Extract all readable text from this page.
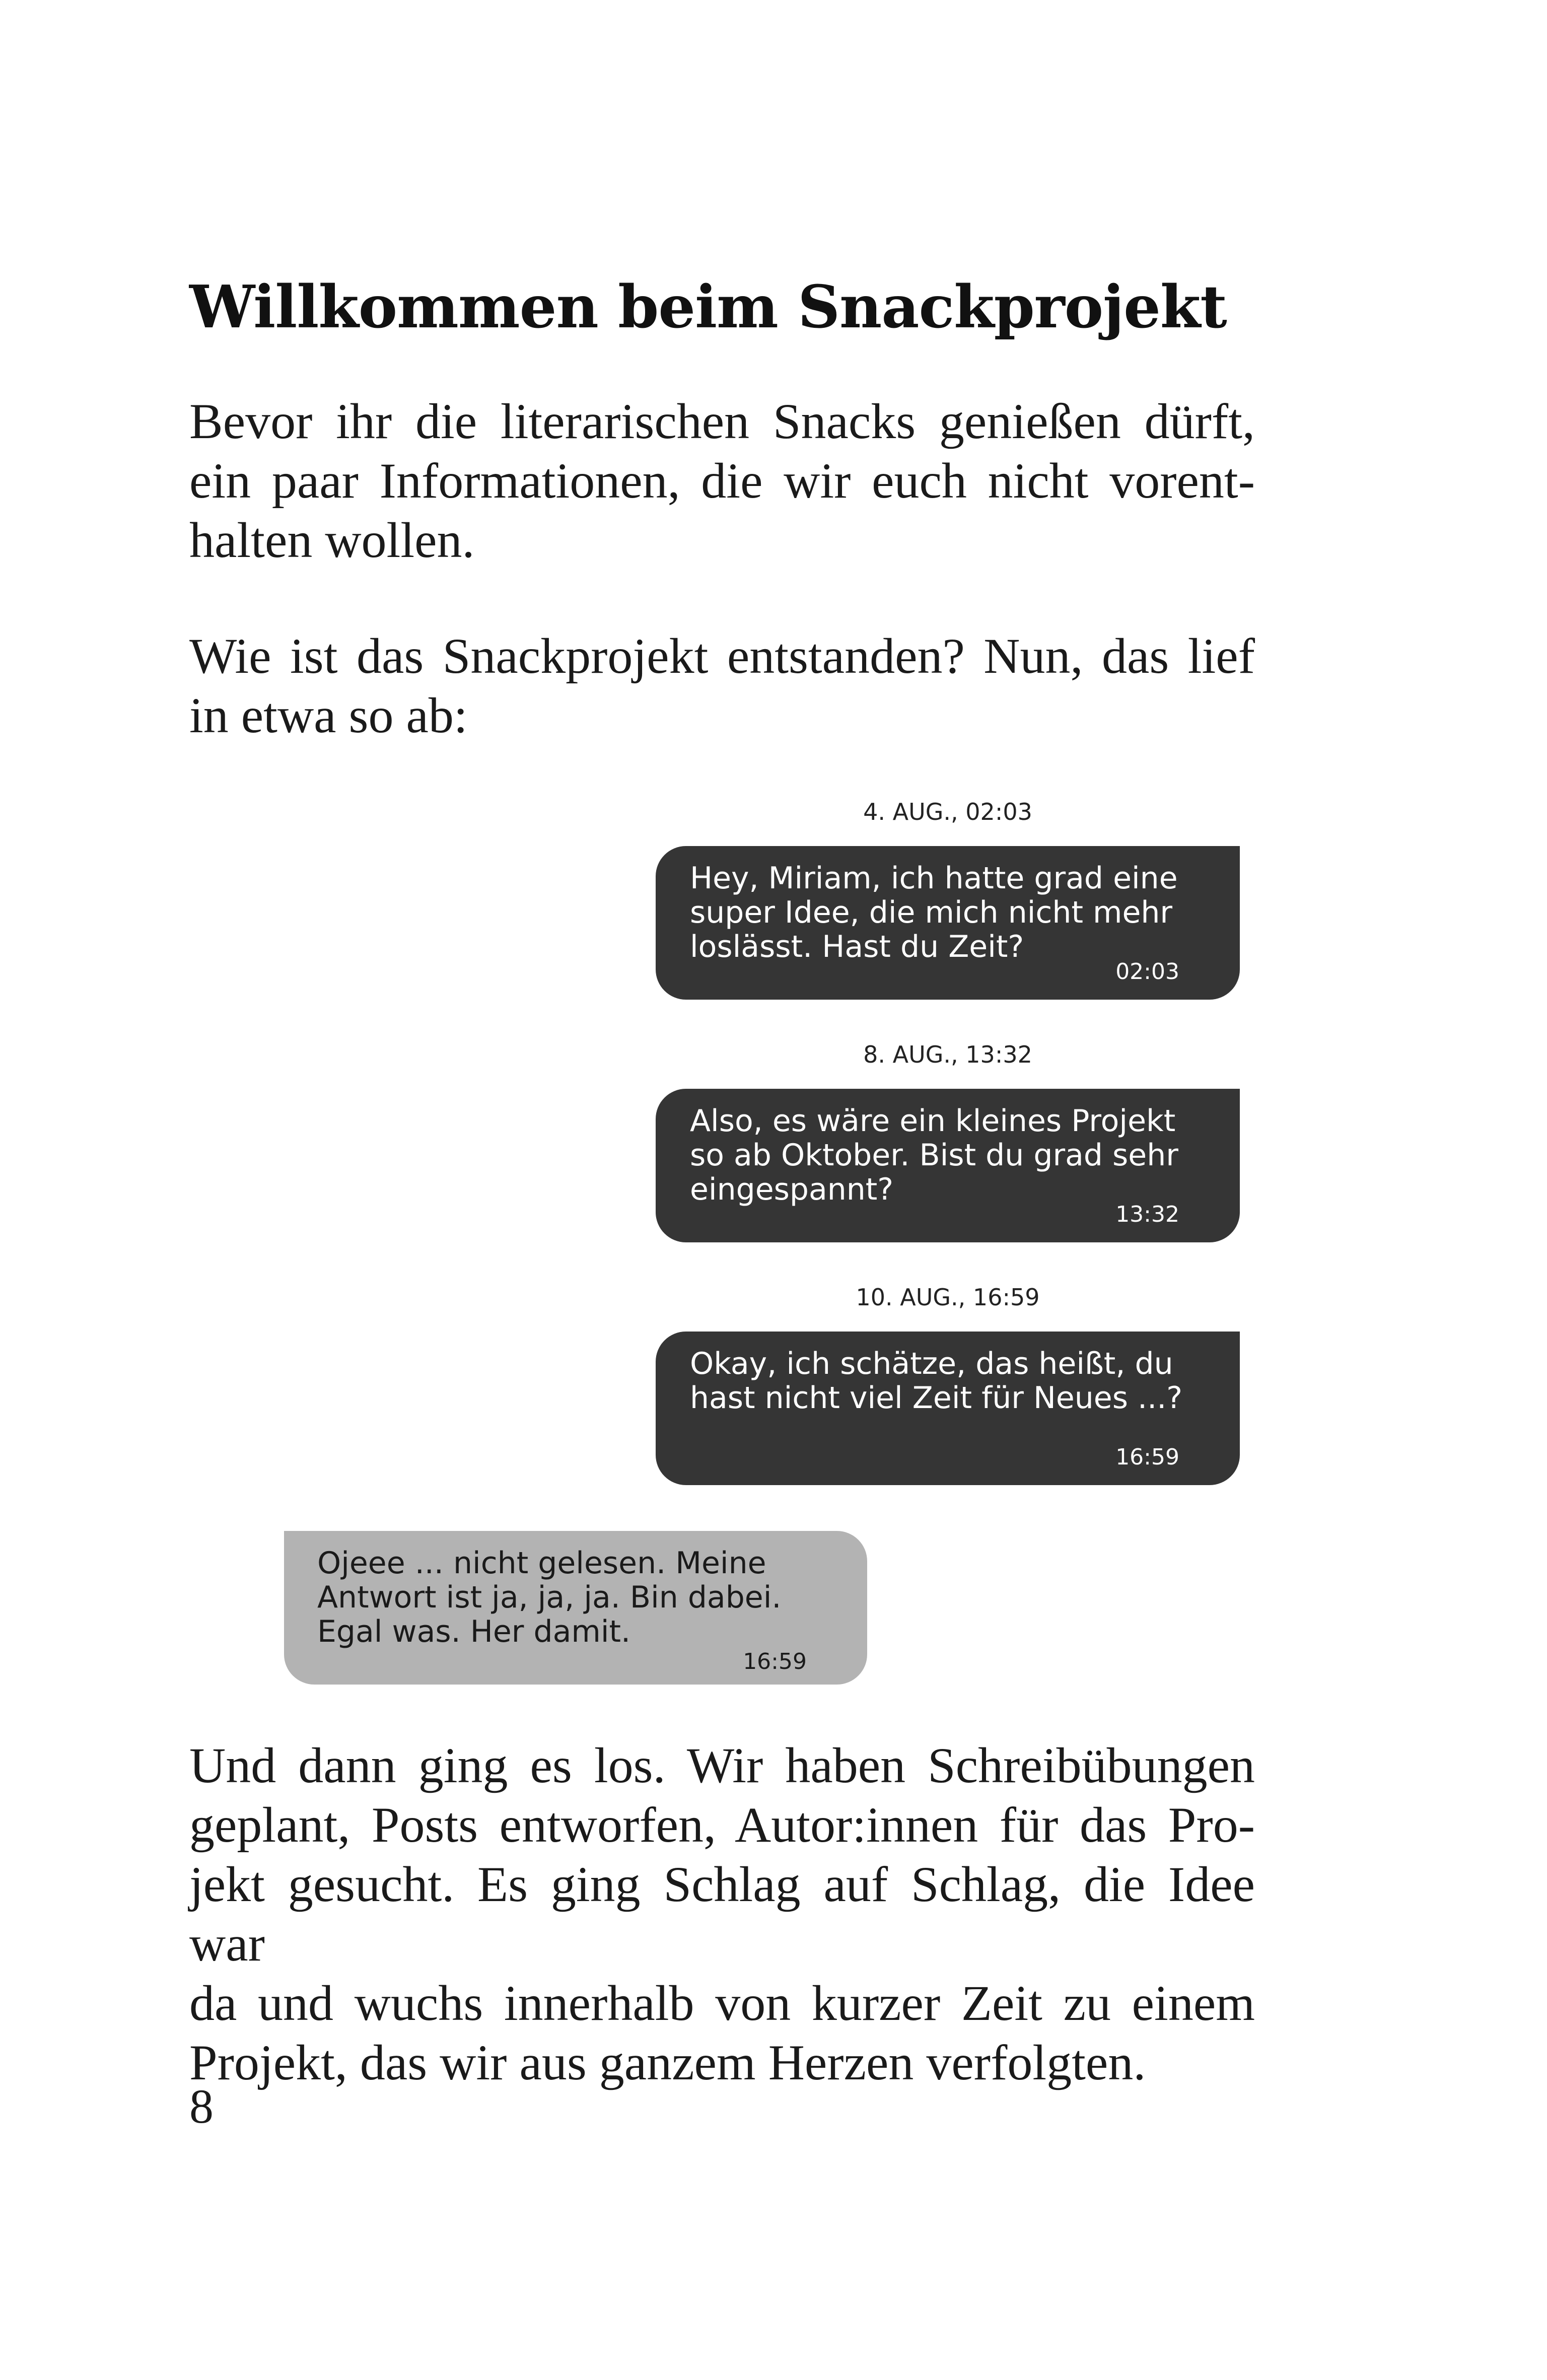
Willkommen beim Snackprojekt

Bevor ihr die literarischen Snacks genießen dürft,
ein paar Informationen, die wir euch nicht vorent-
halten wollen.

Wie ist das Snackprojekt entstanden? Nun, das lief
in etwa so ab:

4. AUG., 02:03
Hey, Miriam, ich hatte grad eine
super Idee, die mich nicht mehr
loslässt. Hast du Zeit?
02:03
8. AUG., 13:32
Also, es wäre ein kleines Projekt
so ab Oktober. Bist du grad sehr
eingespannt?
13:32
10. AUG., 16:59
Okay, ich schätze, das heißt, du
hast nicht viel Zeit für Neues ...?
16:59
Ojeee ... nicht gelesen. Meine
Antwort ist ja, ja, ja. Bin dabei.
Egal was. Her damit.
16:59

Und dann ging es los. Wir haben Schreibübungen
geplant, Posts entworfen, Autor:innen für das Pro-
jekt gesucht. Es ging Schlag auf Schlag, die Idee war
da und wuchs innerhalb von kurzer Zeit zu einem
Projekt, das wir aus ganzem Herzen verfolgten.

8
